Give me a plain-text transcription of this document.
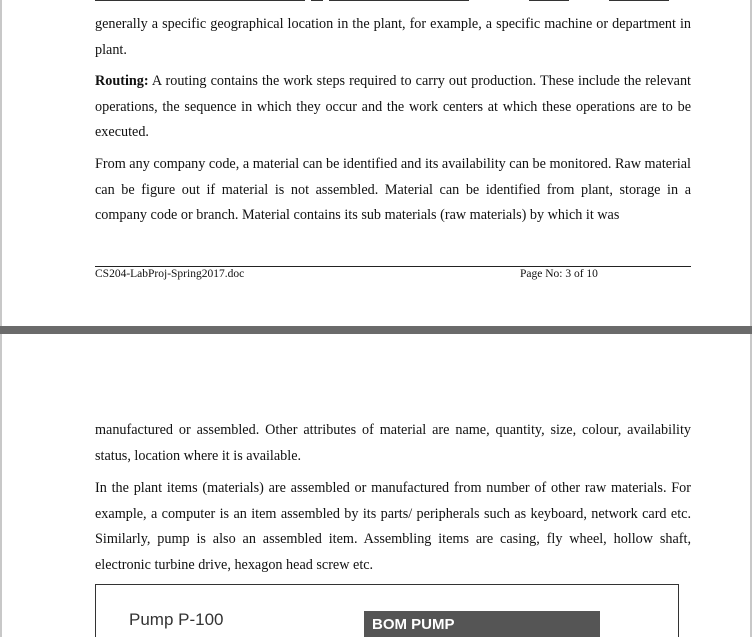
generally a specific geographical location in the plant, for example, a specific machine or department in plant.

Routing: A routing contains the work steps required to carry out production. These include the relevant operations, the sequence in which they occur and the work centers at which these operations are to be executed.

From any company code, a material can be identified and its availability can be monitored. Raw material can be figure out if material is not assembled. Material can be identified from plant, storage in a company code or branch. Material contains its sub materials (raw materials) by which it was

CS204-LabProj-Spring2017.doc	Page No: 3 of 10

manufactured or assembled. Other attributes of material are name, quantity, size, colour, availability status, location where it is available.

In the plant items (materials) are assembled or manufactured from number of other raw materials. For example, a computer is an item assembled by its parts/ peripherals such as keyboard, network card etc. Similarly, pump is also an assembled item. Assembling items are casing, fly wheel, hollow shaft, electronic turbine drive, hexagon head screw etc.

Pump P-100	BOM PUMP
